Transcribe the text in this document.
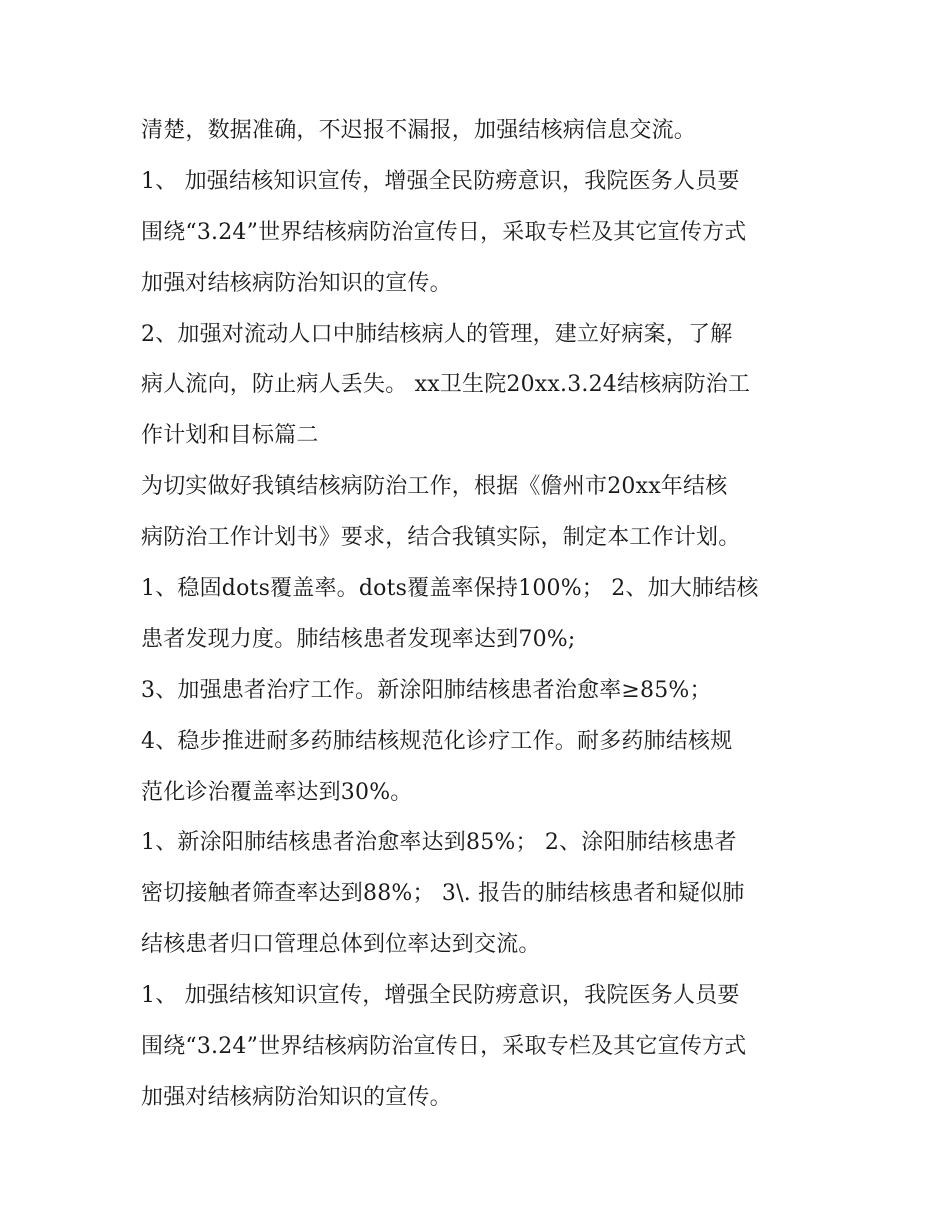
清楚，数据准确，不迟报不漏报，加强结核病信息交流。
1、 加强结核知识宣传，增强全民防痨意识，我院医务人员要
围绕“3.24”世界结核病防治宣传日，采取专栏及其它宣传方式
加强对结核病防治知识的宣传。
2、加强对流动人口中肺结核病人的管理，建立好病案，了解
病人流向，防止病人丢失。 xx卫生院20xx.3.24结核病防治工
作计划和目标篇二
为切实做好我镇结核病防治工作，根据《儋州市20xx年结核
病防治工作计划书》要求，结合我镇实际，制定本工作计划。
1、稳固dots覆盖率。dots覆盖率保持100%； 2、加大肺结核
患者发现力度。肺结核患者发现率达到70%;
3、加强患者治疗工作。新涂阳肺结核患者治愈率≥85%；
4、稳步推进耐多药肺结核规范化诊疗工作。耐多药肺结核规
范化诊治覆盖率达到30%。
1、新涂阳肺结核患者治愈率达到85%； 2、涂阳肺结核患者
密切接触者筛查率达到88%； 3\. 报告的肺结核患者和疑似肺
结核患者归口管理总体到位率达到交流。
1、 加强结核知识宣传，增强全民防痨意识，我院医务人员要
围绕“3.24”世界结核病防治宣传日，采取专栏及其它宣传方式
加强对结核病防治知识的宣传。
